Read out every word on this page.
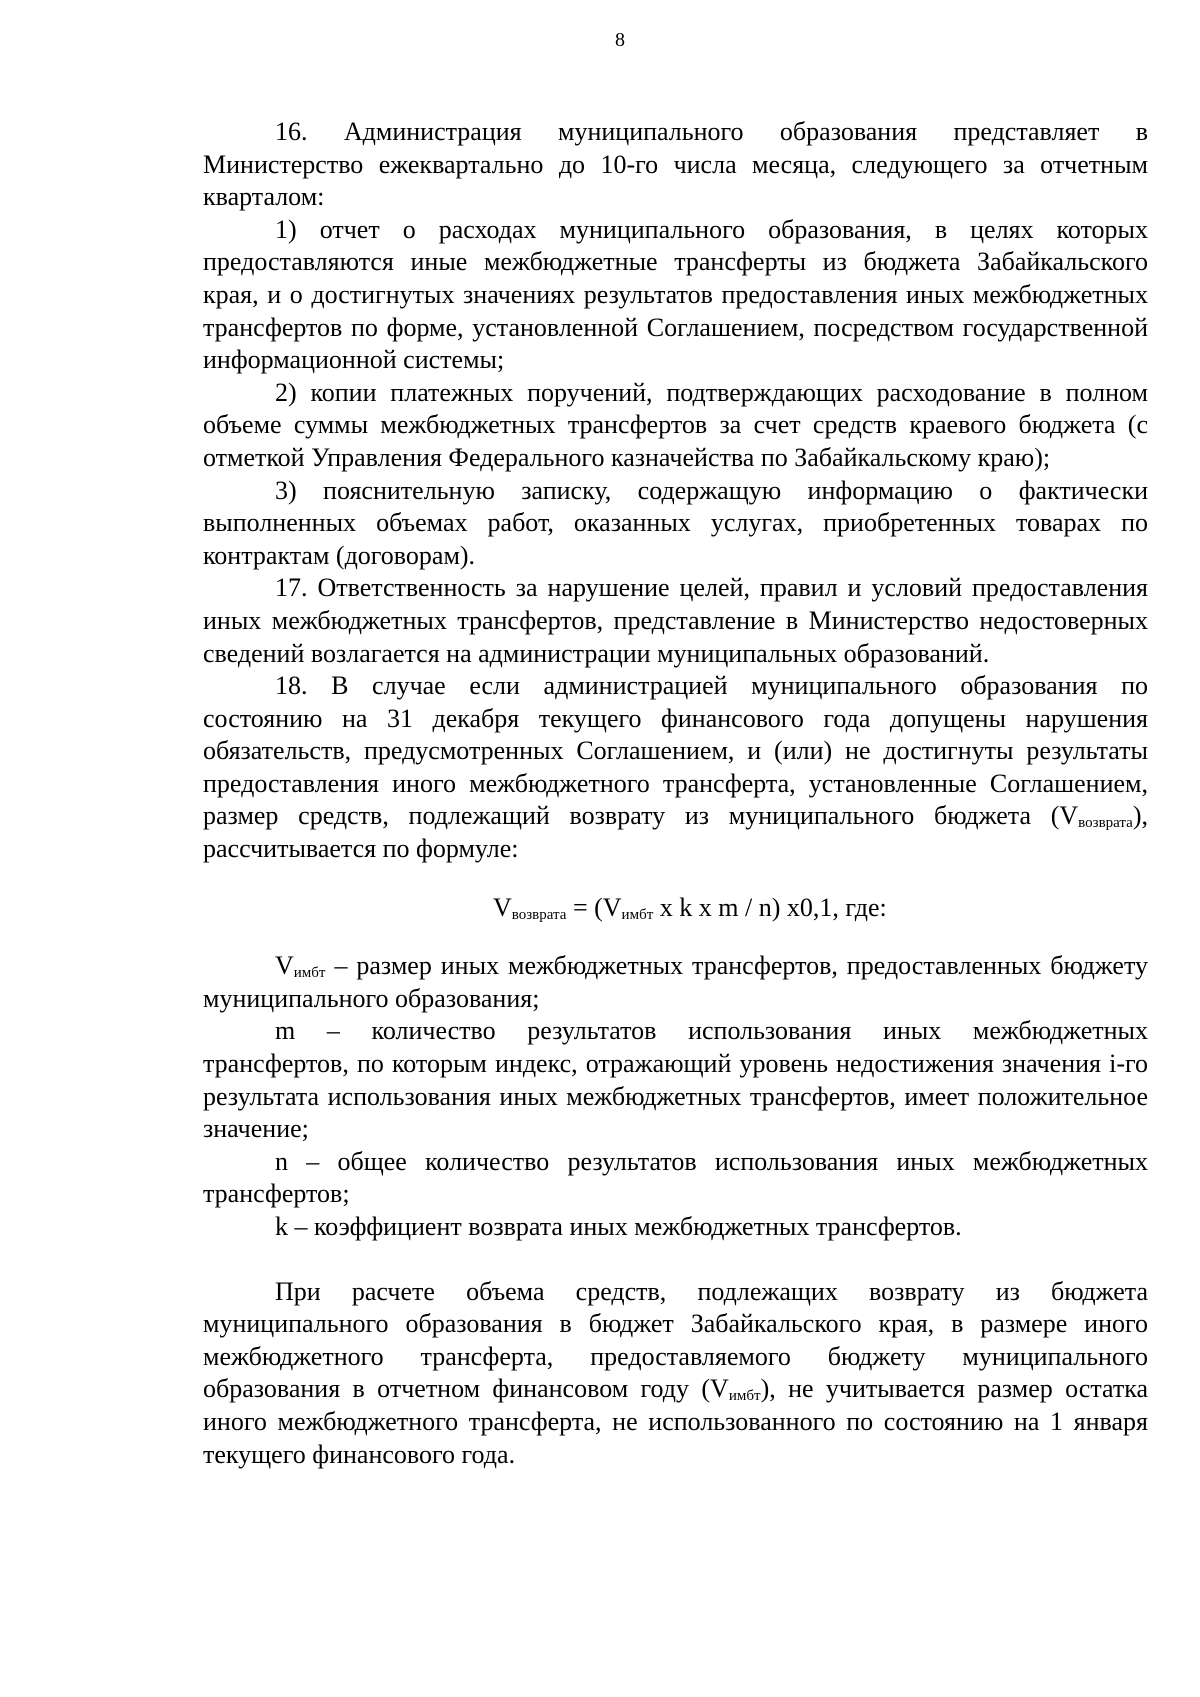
8

16. Администрация муниципального образования представляет в Министерство ежеквартально до 10-го числа месяца, следующего за отчетным кварталом:

1) отчет о расходах муниципального образования, в целях которых предоставляются иные межбюджетные трансферты из бюджета Забайкальского края, и о достигнутых значениях результатов предоставления иных межбюджетных трансфертов по форме, установленной Соглашением, посредством государственной информационной системы;

2) копии платежных поручений, подтверждающих расходование в полном объеме суммы межбюджетных трансфертов за счет средств краевого бюджета (с отметкой Управления Федерального казначейства по Забайкальскому краю);

3) пояснительную записку, содержащую информацию о фактически выполненных объемах работ, оказанных услугах, приобретенных товарах по контрактам (договорам).

17. Ответственность за нарушение целей, правил и условий предоставления иных межбюджетных трансфертов, представление в Министерство недостоверных сведений возлагается на администрации муниципальных образований.

18. В случае если администрацией муниципального образования по состоянию на 31 декабря текущего финансового года допущены нарушения обязательств, предусмотренных Соглашением, и (или) не достигнуты результаты предоставления иного межбюджетного трансферта, установленные Соглашением, размер средств, подлежащий возврату из муниципального бюджета $(V_{возврата})$, рассчитывается по формуле:

$V_{возврата} = (V_{имбт}$ x k x m / n) x0,1, где:

$V_{имбт}$ – размер иных межбюджетных трансфертов, предоставленных бюджету муниципального образования;

m – количество результатов использования иных межбюджетных трансфертов, по которым индекс, отражающий уровень недостижения значения i-го результата использования иных межбюджетных трансфертов, имеет положительное значение;

n – общее количество результатов использования иных межбюджетных трансфертов;

k – коэффициент возврата иных межбюджетных трансфертов.

При расчете объема средств, подлежащих возврату из бюджета муниципального образования в бюджет Забайкальского края, в размере иного межбюджетного трансферта, предоставляемого бюджету муниципального образования в отчетном финансовом году $(V_{имбт})$, не учитывается размер остатка иного межбюджетного трансферта, не использованного по состоянию на 1 января текущего финансового года.
